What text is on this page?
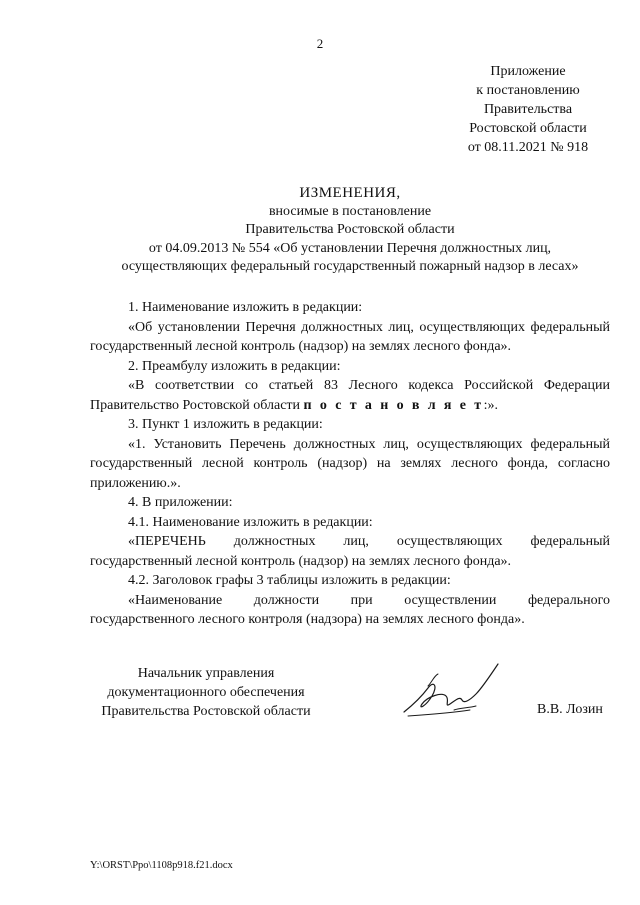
2
Приложение
к постановлению
Правительства
Ростовской области
от 08.11.2021 № 918
ИЗМЕНЕНИЯ,
вносимые в постановление
Правительства Ростовской области
от 04.09.2013 № 554 «Об установлении Перечня должностных лиц,
осуществляющих федеральный государственный пожарный надзор в лесах»

1. Наименование изложить в редакции:

«Об установлении Перечня должностных лиц, осуществляющих федеральный государственный лесной контроль (надзор) на землях лесного фонда».

2. Преамбулу изложить в редакции:

«В соответствии со статьей 83 Лесного кодекса Российской Федерации Правительство Ростовской области п о с т а н о в л я е т:».

3. Пункт 1 изложить в редакции:

«1. Установить Перечень должностных лиц, осуществляющих федеральный государственный лесной контроль (надзор) на землях лесного фонда, согласно приложению.».

4. В приложении:

4.1. Наименование изложить в редакции:

«ПЕРЕЧЕНЬ должностных лиц, осуществляющих федеральный

государственный лесной контроль (надзор) на землях лесного фонда».

4.2. Заголовок графы 3 таблицы изложить в редакции:

«Наименование должности при осуществлении федерального

государственного лесного контроля (надзора) на землях лесного фонда».

Начальник управления
документационного обеспечения
Правительства Ростовской области	В.В. Лозин
Y:\ORST\Ppo\1108p918.f21.docx
